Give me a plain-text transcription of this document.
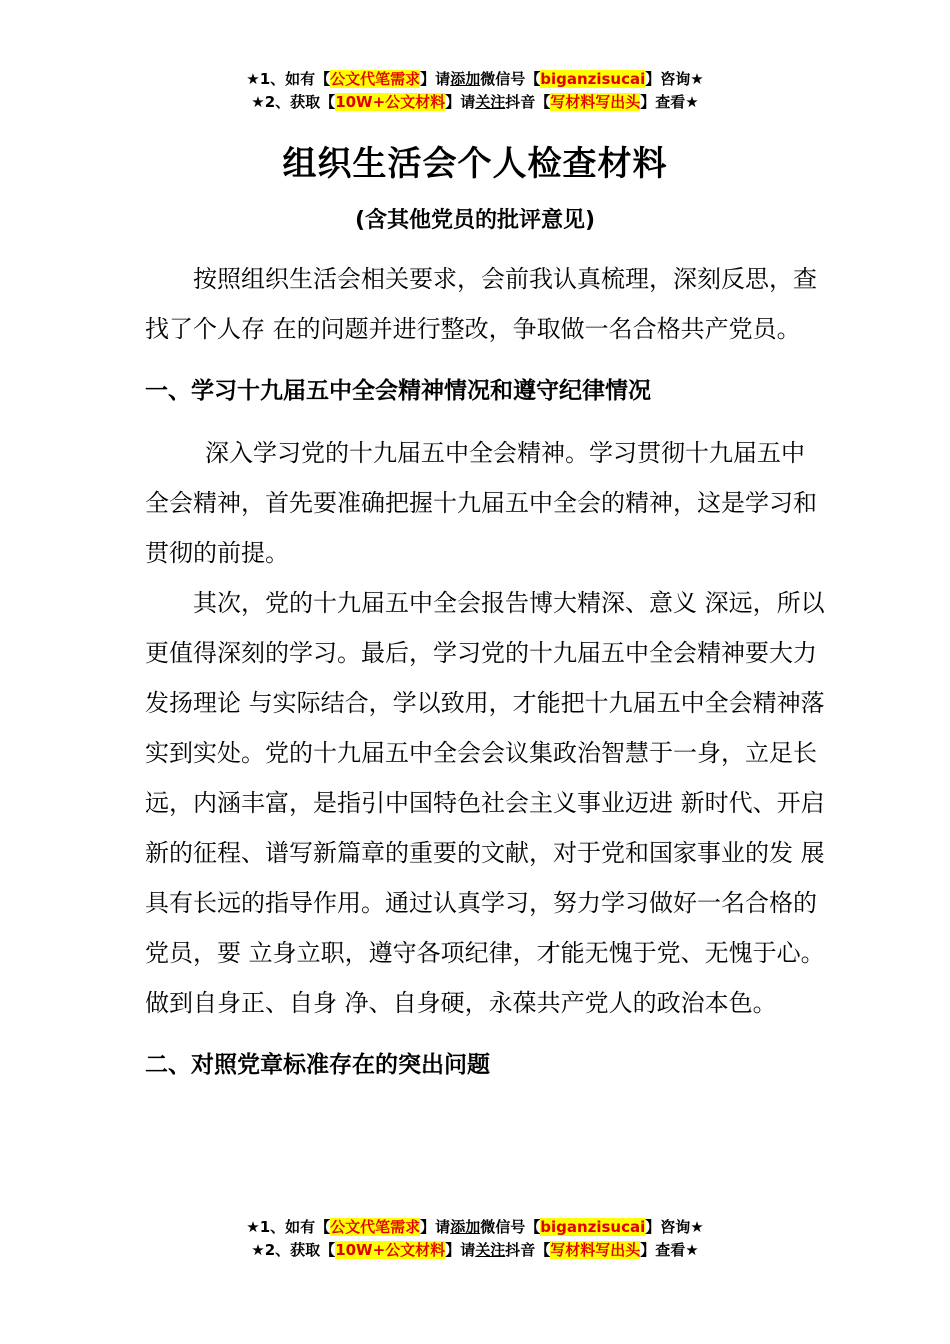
★1、如有【公文代笔需求】请添加微信号【biganzisucai】咨询★
★2、获取【10W+公文材料】请关注抖音【写材料写出头】查看★
组织生活会个人检查材料
(含其他党员的批评意见)

按照组织生活会相关要求，会前我认真梳理，深刻反思，查找了个人存 在的问题并进行整改，争取做一名合格共产党员。

一、学习十九届五中全会精神情况和遵守纪律情况

深入学习党的十九届五中全会精神。学习贯彻十九届五中全会精神，首先要准确把握十九届五中全会的精神，这是学习和贯彻的前提。

其次，党的十九届五中全会报告博大精深、意义 深远，所以更值得深刻的学习。最后，学习党的十九届五中全会精神要大力发扬理论 与实际结合，学以致用，才能把十九届五中全会精神落实到实处。党的十九届五中全会会议集政治智慧于一身，立足长远，内涵丰富，是指引中国特色社会主义事业迈进 新时代、开启新的征程、谱写新篇章的重要的文献，对于党和国家事业的发 展具有长远的指导作用。通过认真学习，努力学习做好一名合格的党员，要 立身立职，遵守各项纪律，才能无愧于党、无愧于心。做到自身正、自身 净、自身硬，永葆共产党人的政治本色。

二、对照党章标准存在的突出问题
★1、如有【公文代笔需求】请添加微信号【biganzisucai】咨询★
★2、获取【10W+公文材料】请关注抖音【写材料写出头】查看★
